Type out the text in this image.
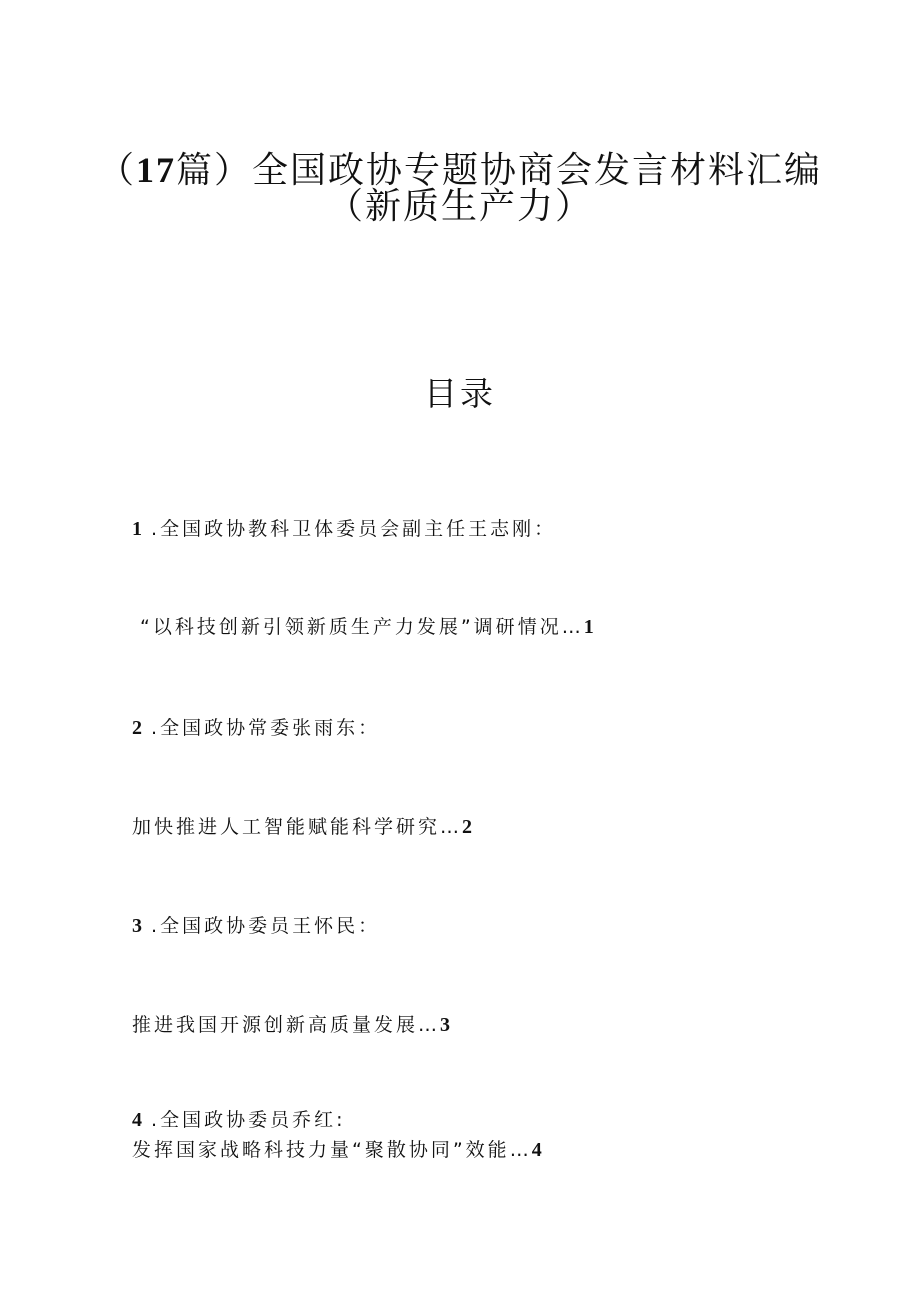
（17篇）全国政协专题协商会发言材料汇编
（新质生产力）
目录
1 .全国政协教科卫体委员会副主任王志刚：
“以科技创新引领新质生产力发展”调研情况…1
2 .全国政协常委张雨东：
加快推进人工智能赋能科学研究…2
3 .全国政协委员王怀民：
推进我国开源创新高质量发展…3
4 .全国政协委员乔红:
发挥国家战略科技力量“聚散协同”效能…4
